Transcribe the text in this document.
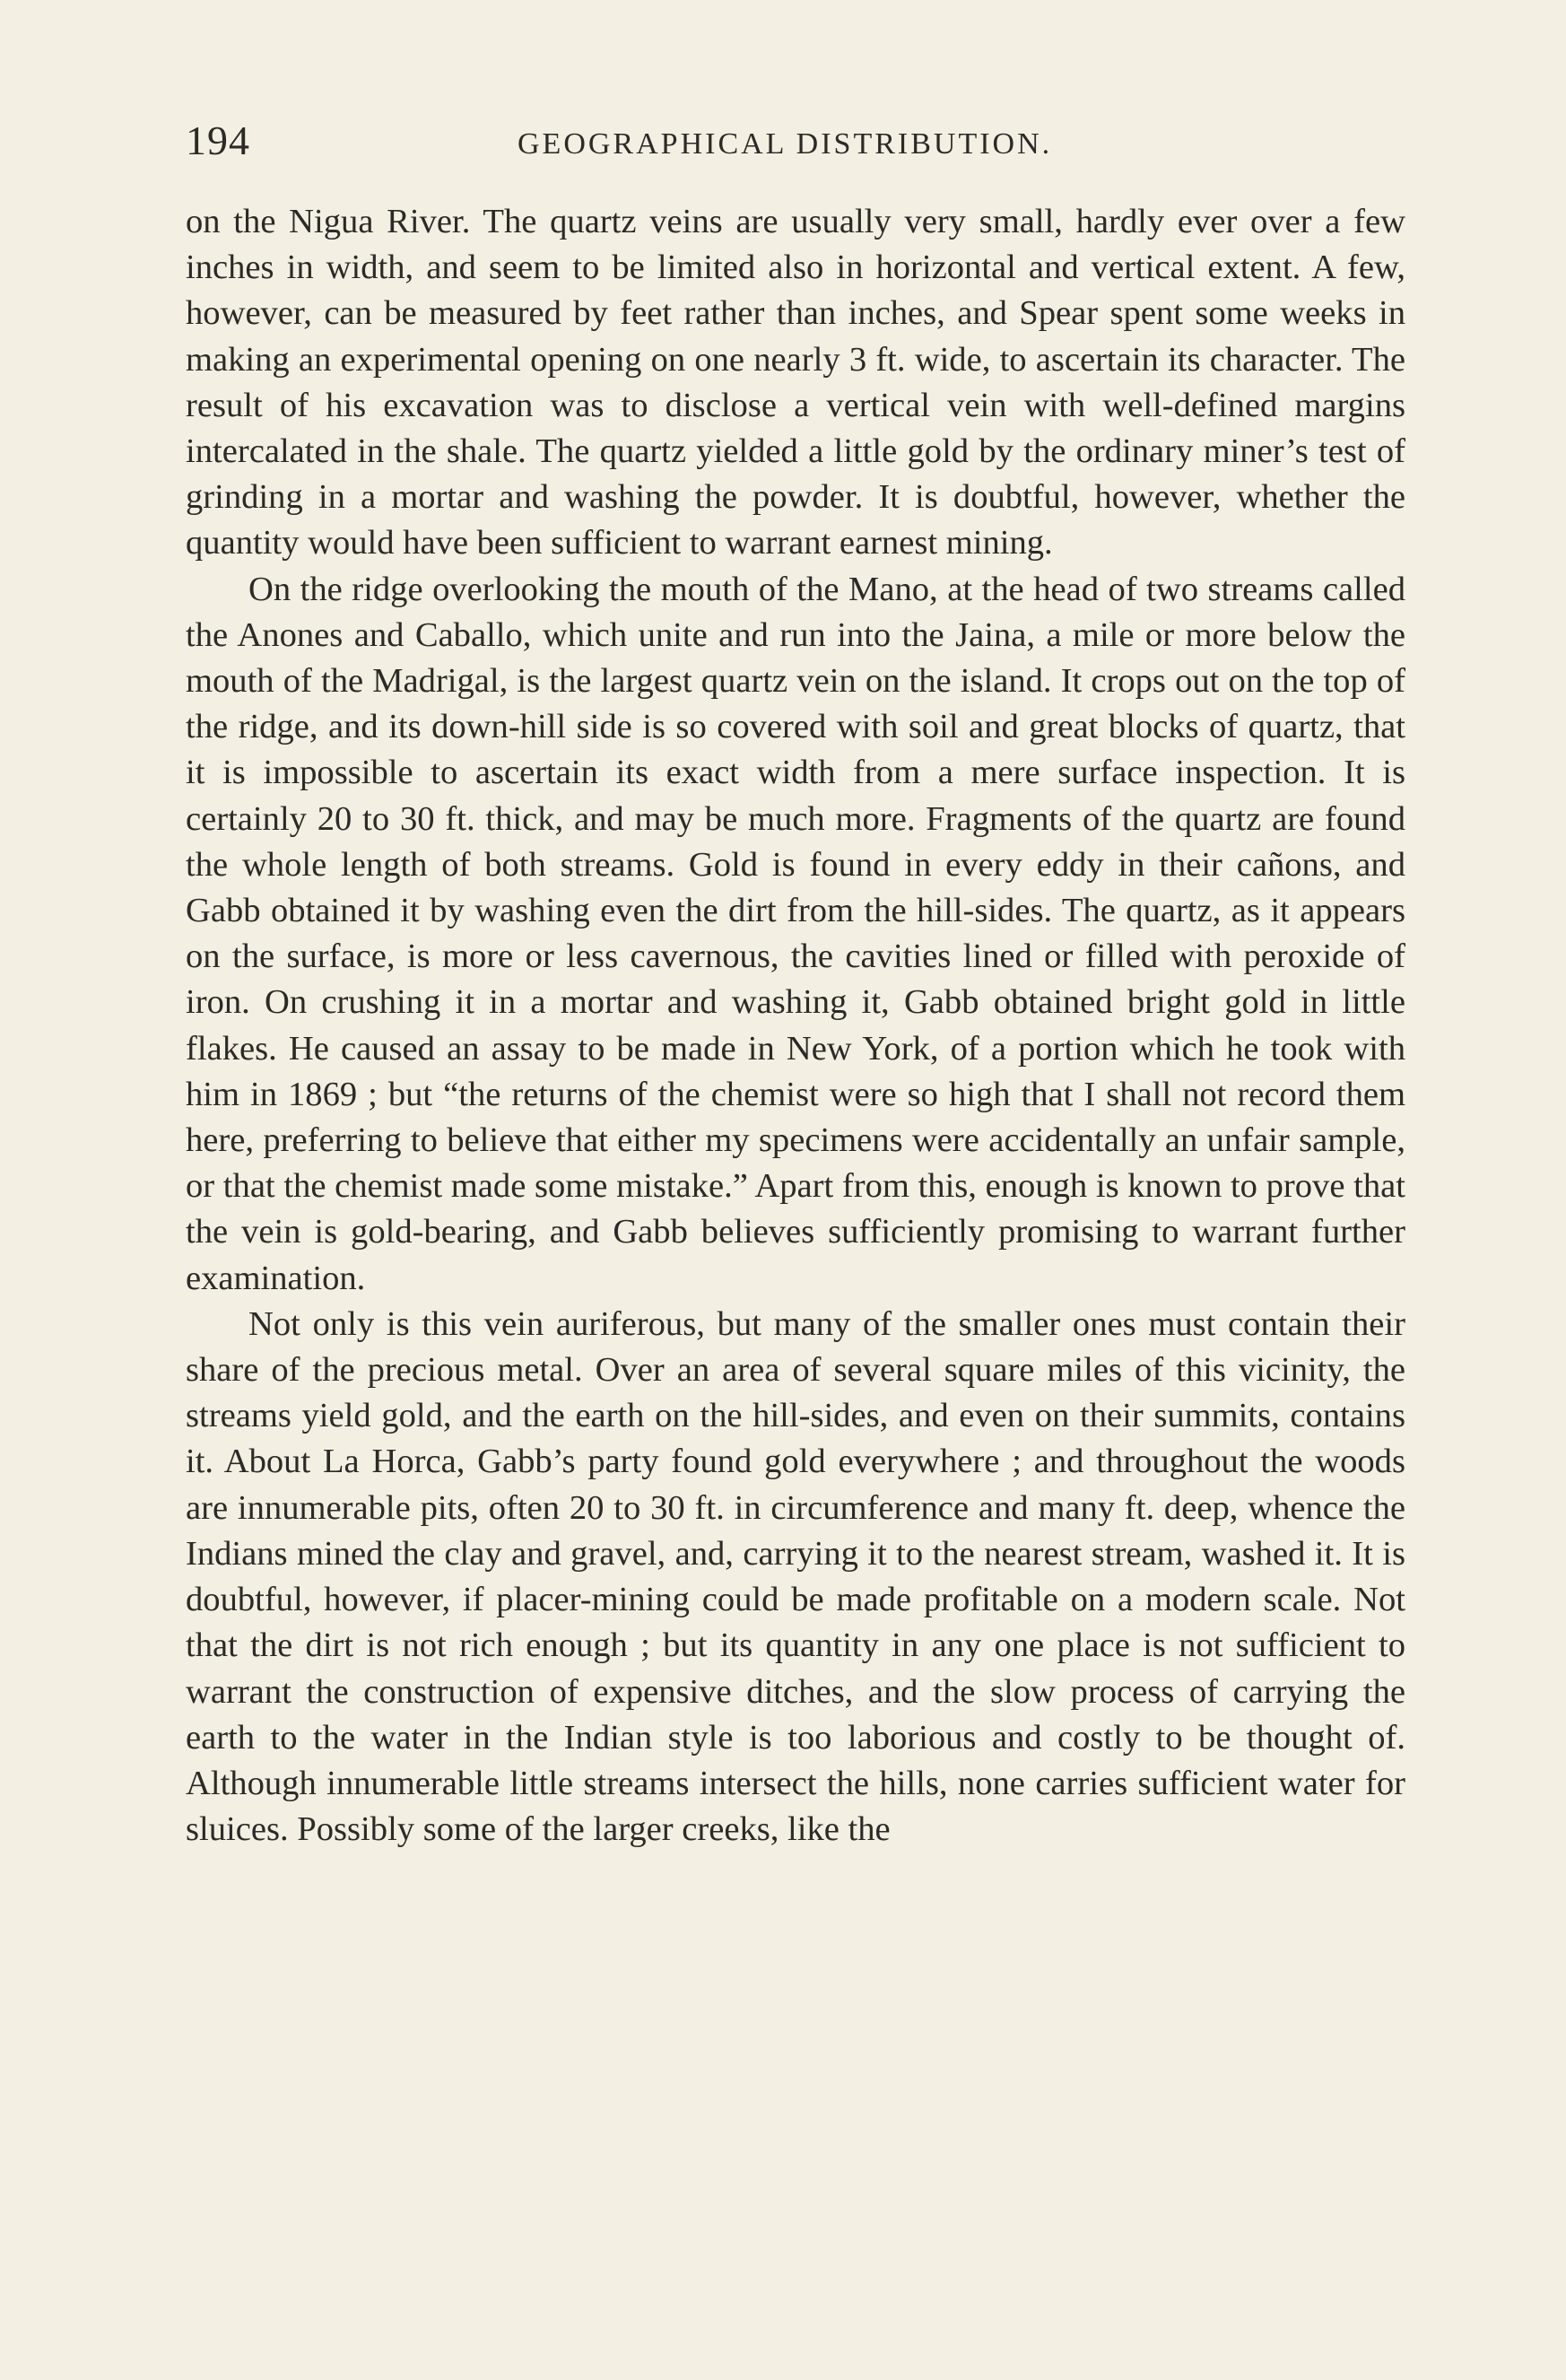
194	GEOGRAPHICAL DISTRIBUTION.

on the Nigua River. The quartz veins are usually very small, hardly ever over a few inches in width, and seem to be limited also in horizontal and vertical extent. A few, however, can be measured by feet rather than inches, and Spear spent some weeks in making an experimental opening on one nearly 3 ft. wide, to ascertain its character. The result of his excavation was to disclose a vertical vein with well-defined margins intercalated in the shale. The quartz yielded a little gold by the ordinary miner’s test of grinding in a mortar and washing the powder. It is doubtful, however, whether the quantity would have been sufficient to warrant earnest mining.

On the ridge overlooking the mouth of the Mano, at the head of two streams called the Anones and Caballo, which unite and run into the Jaina, a mile or more below the mouth of the Madrigal, is the largest quartz vein on the island. It crops out on the top of the ridge, and its down-hill side is so covered with soil and great blocks of quartz, that it is impossible to ascertain its exact width from a mere surface inspection. It is certainly 20 to 30 ft. thick, and may be much more. Fragments of the quartz are found the whole length of both streams. Gold is found in every eddy in their cañons, and Gabb obtained it by washing even the dirt from the hill-sides. The quartz, as it appears on the surface, is more or less cavernous, the cavities lined or filled with peroxide of iron. On crushing it in a mortar and washing it, Gabb obtained bright gold in little flakes. He caused an assay to be made in New York, of a portion which he took with him in 1869 ; but “the returns of the chemist were so high that I shall not record them here, preferring to believe that either my specimens were accidentally an unfair sample, or that the chemist made some mistake.” Apart from this, enough is known to prove that the vein is gold-bearing, and Gabb believes sufficiently promising to warrant further examination.

Not only is this vein auriferous, but many of the smaller ones must contain their share of the precious metal. Over an area of several square miles of this vicinity, the streams yield gold, and the earth on the hill-sides, and even on their summits, contains it. About La Horca, Gabb’s party found gold everywhere ; and throughout the woods are innumerable pits, often 20 to 30 ft. in circumference and many ft. deep, whence the Indians mined the clay and gravel, and, carrying it to the nearest stream, washed it. It is doubtful, however, if placer-mining could be made profitable on a modern scale. Not that the dirt is not rich enough ; but its quantity in any one place is not sufficient to warrant the construction of expensive ditches, and the slow process of carrying the earth to the water in the Indian style is too laborious and costly to be thought of. Although innumerable little streams intersect the hills, none carries sufficient water for sluices. Possibly some of the larger creeks, like the
